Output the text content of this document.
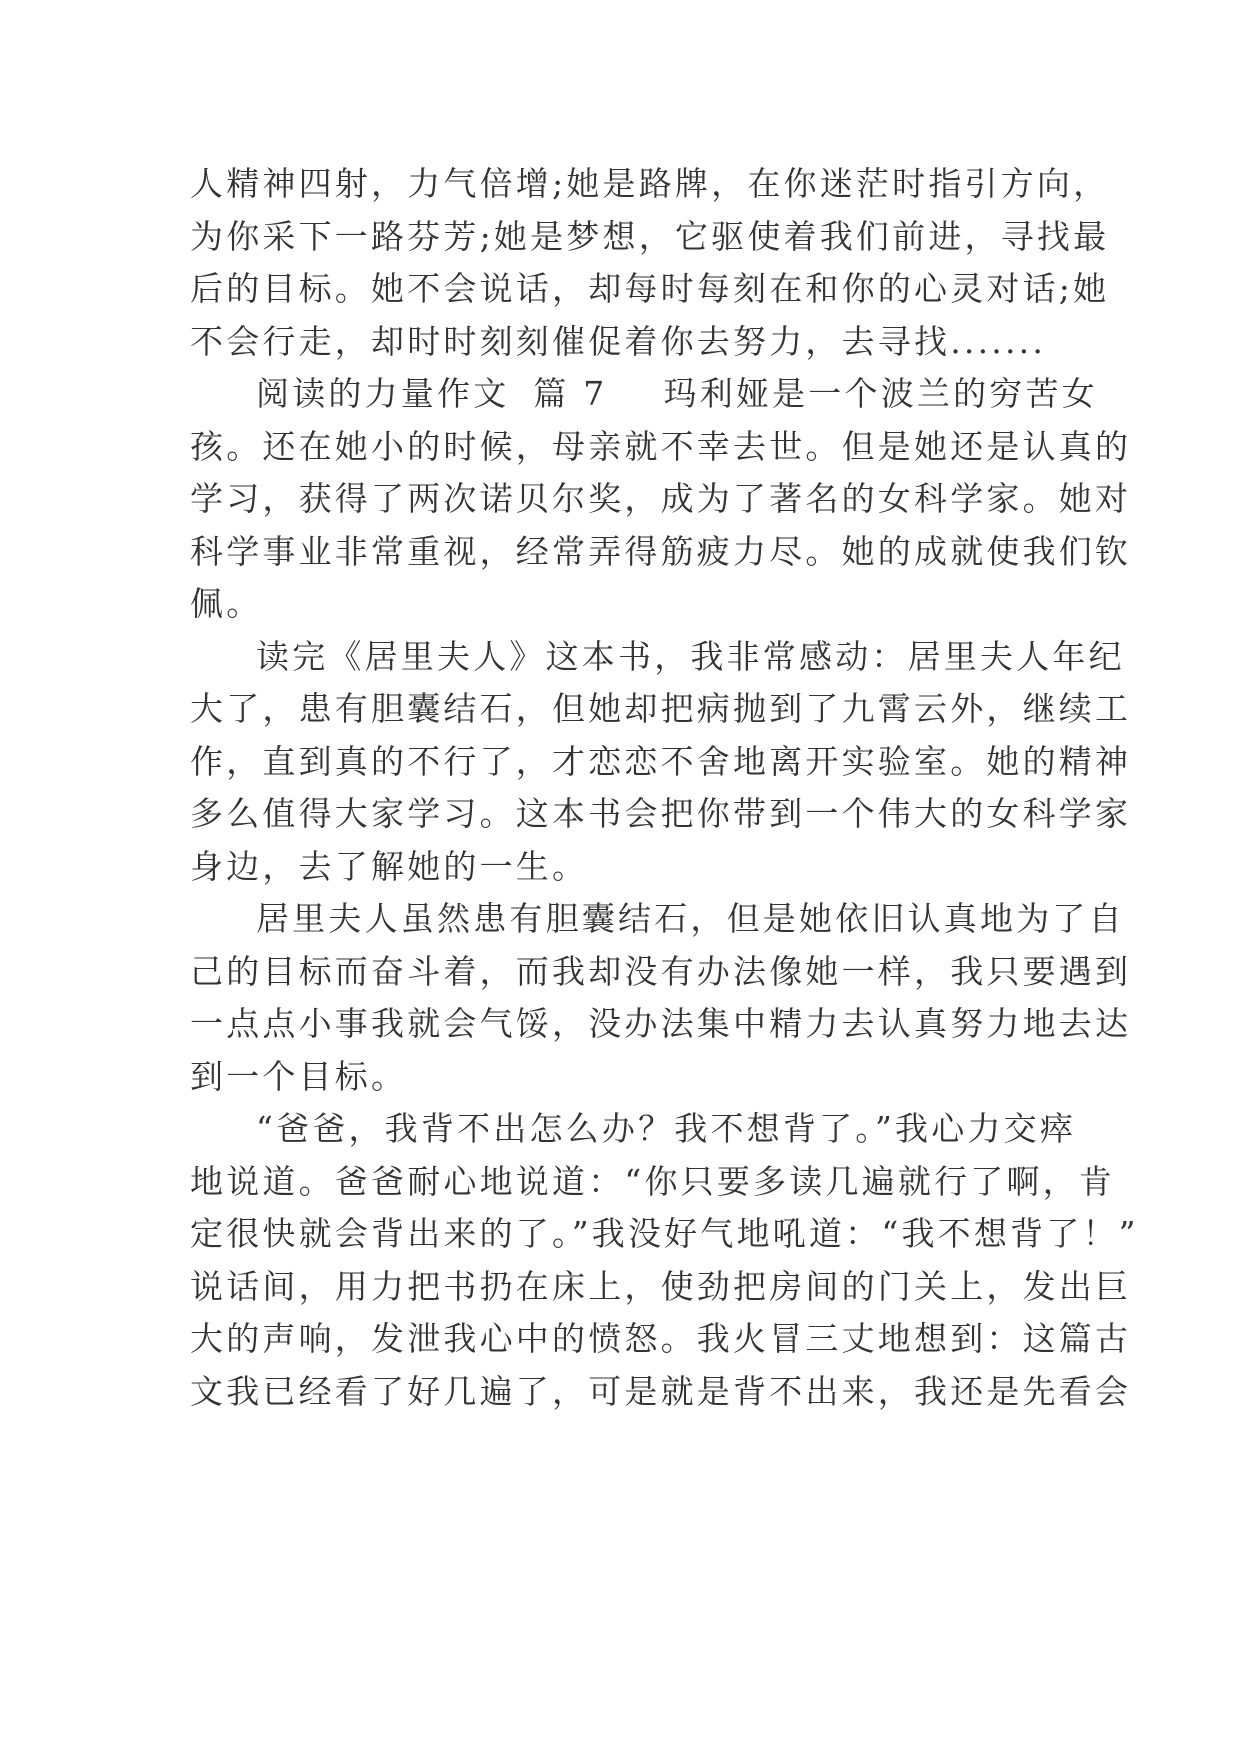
人精神四射，力气倍增;她是路牌，在你迷茫时指引方向，
为你采下一路芬芳;她是梦想，它驱使着我们前进，寻找最
后的目标。她不会说话，却每时每刻在和你的心灵对话;她
不会行走，却时时刻刻催促着你去努力，去寻找.......
阅读的力量作文 篇 7 玛利娅是一个波兰的穷苦女
孩。还在她小的时候，母亲就不幸去世。但是她还是认真的
学习，获得了两次诺贝尔奖，成为了著名的女科学家。她对
科学事业非常重视，经常弄得筋疲力尽。她的成就使我们钦
佩。
读完《居里夫人》这本书，我非常感动：居里夫人年纪
大了，患有胆囊结石，但她却把病抛到了九霄云外，继续工
作，直到真的不行了，才恋恋不舍地离开实验室。她的精神
多么值得大家学习。这本书会把你带到一个伟大的女科学家
身边，去了解她的一生。
居里夫人虽然患有胆囊结石，但是她依旧认真地为了自
己的目标而奋斗着，而我却没有办法像她一样，我只要遇到
一点点小事我就会气馁，没办法集中精力去认真努力地去达
到一个目标。
“爸爸，我背不出怎么办？我不想背了。”我心力交瘁
地说道。爸爸耐心地说道：“你只要多读几遍就行了啊，肯
定很快就会背出来的了。”我没好气地吼道：“我不想背了！”
说话间，用力把书扔在床上，使劲把房间的门关上，发出巨
大的声响，发泄我心中的愤怒。我火冒三丈地想到：这篇古
文我已经看了好几遍了，可是就是背不出来，我还是先看会
